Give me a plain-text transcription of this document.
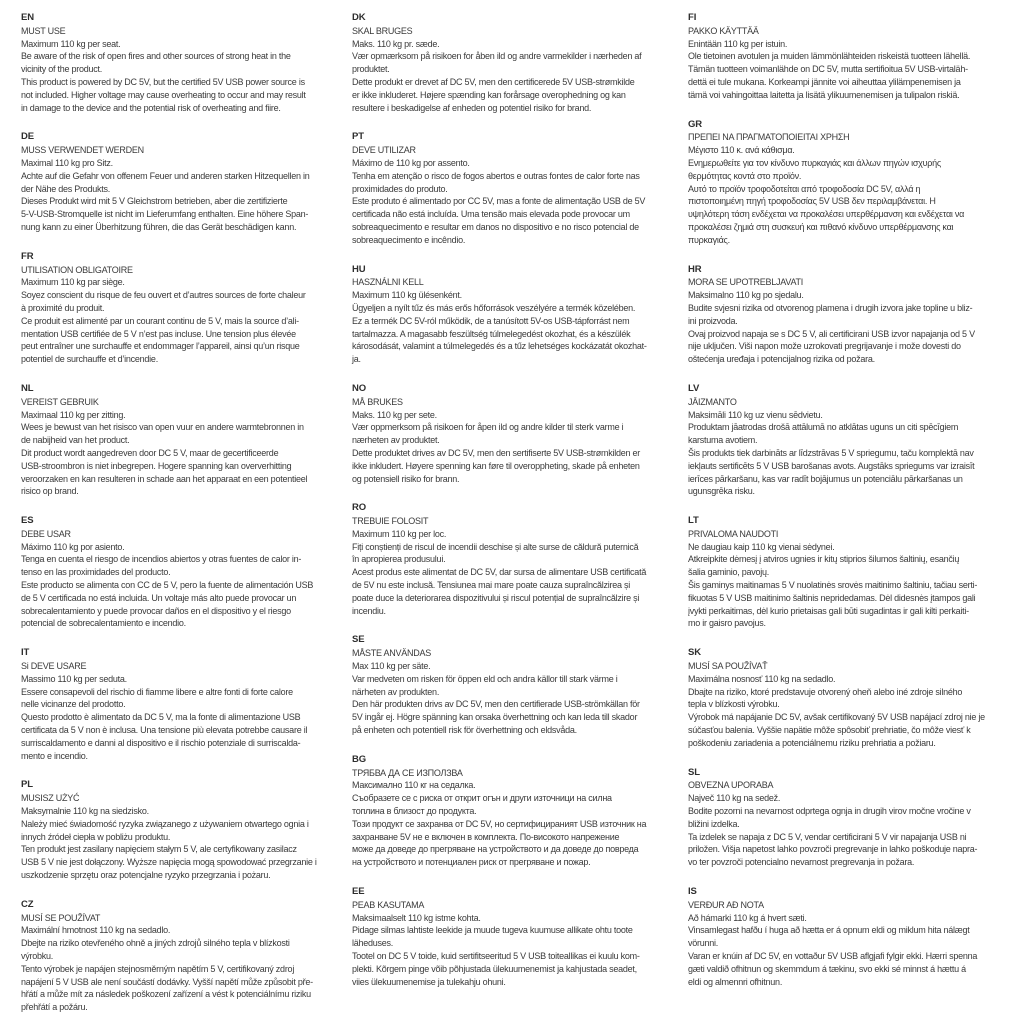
EN
MUST USE
Maximum 110 kg per seat.
Be aware of the risk of open fires and other sources of strong heat in the
vicinity of the product.
This product is powered by DC 5V, but the certified 5V USB power source is
not included. Higher voltage may cause overheating to occur and may result
in damage to the device and the potential risk of overheating and fiire.
DE
MUSS VERWENDET WERDEN
Maximal 110 kg pro Sitz.
Achte auf die Gefahr von offenem Feuer und anderen starken Hitzequellen in
der Nähe des Produkts.
Dieses Produkt wird mit 5 V Gleichstrom betrieben, aber die zertifizierte
5-V-USB-Stromquelle ist nicht im Lieferumfang enthalten. Eine höhere Span-
nung kann zu einer Überhitzung führen, die das Gerät beschädigen kann.
FR
UTILISATION OBLIGATOIRE
Maximum 110 kg par siège.
Soyez conscient du risque de feu ouvert et d’autres sources de forte chaleur
à proximité du produit.
Ce produit est alimenté par un courant continu de 5 V, mais la source d’ali-
mentation USB certifiée de 5 V n’est pas incluse. Une tension plus élevée
peut entraîner une surchauffe et endommager l’appareil, ainsi qu’un risque
potentiel de surchauffe et d’incendie.
NL
VEREIST GEBRUIK
Maximaal 110 kg per zitting.
Wees je bewust van het risisco van open vuur en andere warmtebronnen in
de nabijheid van het product.
Dit product wordt aangedreven door DC 5 V, maar de gecertificeerde
USB-stroombron is niet inbegrepen. Hogere spanning kan oververhitting
veroorzaken en kan resulteren in schade aan het apparaat en een potentieel
risico op brand.
ES
DEBE USAR
Máximo 110 kg por asiento.
Tenga en cuenta el riesgo de incendios abiertos y otras fuentes de calor in-
tenso en las proximidades del producto.
Este producto se alimenta con CC de 5 V, pero la fuente de alimentación USB
de 5 V certificada no está incluida. Un voltaje más alto puede provocar un
sobrecalentamiento y puede provocar daños en el dispositivo y el riesgo
potencial de sobrecalentamiento e incendio.
IT
Si DEVE USARE
Massimo 110 kg per seduta.
Essere consapevoli del rischio di fiamme libere e altre fonti di forte calore
nelle vicinanze del prodotto.
Questo prodotto è alimentato da DC 5 V, ma la fonte di alimentazione USB
certificata da 5 V non è inclusa. Una tensione più elevata potrebbe causare il
surriscaldamento e danni al dispositivo e il rischio potenziale di surriscalda-
mento e incendio.
PL
MUSISZ UŻYĆ
Maksymalnie 110 kg na siedzisko.
Należy mieć świadomość ryzyka związanego z używaniem otwartego ognia i
innych źródeł ciepła w pobliżu produktu.
Ten produkt jest zasilany napięciem stałym 5 V, ale certyfikowany zasilacz
USB 5 V nie jest dołączony. Wyższe napięcia mogą spowodować przegrzanie i
uszkodzenie sprzętu oraz potencjalne ryzyko przegrzania i pożaru.
CZ
MUSÍ SE POUŽÍVAT
Maximální hmotnost 110 kg na sedadlo.
Dbejte na riziko otevřeného ohně a jiných zdrojů silného tepla v blízkosti
výrobku.
Tento výrobek je napájen stejnosměrným napětím 5 V, certifikovaný zdroj
napájení 5 V USB ale není součástí dodávky. Vyšší napětí může způsobit pře-
hřátí a může mít za následek poškození zařízení a vést k potenciálnímu riziku
přehřátí a požáru.
DK
SKAL BRUGES
Maks. 110 kg pr. sæde.
Vær opmærksom på risikoen for åben ild og andre varmekilder i nærheden af
produktet.
Dette produkt er drevet af DC 5V, men den certificerede 5V USB-strømkilde
er ikke inkluderet. Højere spænding kan forårsage overophedning og kan
resultere i beskadigelse af enheden og potentiel risiko for brand.
PT
DEVE UTILIZAR
Máximo de 110 kg por assento.
Tenha em atenção o risco de fogos abertos e outras fontes de calor forte nas
proximidades do produto.
Este produto é alimentado por CC 5V, mas a fonte de alimentação USB de 5V
certificada não está incluída. Uma tensão mais elevada pode provocar um
sobreaquecimento e resultar em danos no dispositivo e no risco potencial de
sobreaquecimento e incêndio.
HU
HASZNÁLNI KELL
Maximum 110 kg ülésenként.
Ügyeljen a nyílt tűz és más erős hőforrások veszélyére a termék közelében.
Ez a termék DC 5V-ról működik, de a tanúsított 5V-os USB-tápforrást nem
tartalmazza. A magasabb feszültség túlmelegedést okozhat, és a készülék
károsodását, valamint a túlmelegedés és a tűz lehetséges kockázatát okozhat-
ja.
NO
MÅ BRUKES
Maks. 110 kg per sete.
Vær oppmerksom på risikoen for åpen ild og andre kilder til sterk varme i
nærheten av produktet.
Dette produktet drives av DC 5V, men den sertifiserte 5V USB-strømkilden er
ikke inkludert. Høyere spenning kan føre til overoppheting, skade på enheten
og potensiell risiko for brann.
RO
TREBUIE FOLOSIT
Maximum 110 kg per loc.
Fiți conștienți de riscul de incendii deschise și alte surse de căldură puternică
în apropierea produsului.
Acest produs este alimentat de DC 5V, dar sursa de alimentare USB certificată
de 5V nu este inclusă. Tensiunea mai mare poate cauza supraîncălzirea și
poate duce la deteriorarea dispozitivului și riscul potențial de supraîncălzire și
incendiu.
SE
MÅSTE ANVÄNDAS
Max 110 kg per säte.
Var medveten om risken för öppen eld och andra källor till stark värme i
närheten av produkten.
Den här produkten drivs av DC 5V, men den certifierade USB-strömkällan för
5V ingår ej. Högre spänning kan orsaka överhettning och kan leda till skador
på enheten och potentiell risk för överhettning och eldsvåda.
BG
ТРЯБВА ДА СЕ ИЗПОЛЗВА
Максимално 110 кг на седалка.
Съобразете се с риска от открит огън и други източници на силна
топлина в близост до продукта.
Този продукт се захранва от DC 5V, но сертифицираният USB източник на
захранване 5V не е включен в комплекта. По-високото напрежение
може да доведе до прегряване на устройството и да доведе до повреда
на устройството и потенциален риск от прегряване и пожар.
EE
PEAB KASUTAMA
Maksimaalselt 110 kg istme kohta.
Pidage silmas lahtiste leekide ja muude tugeva kuumuse allikate ohtu toote
läheduses.
Tootel on DC 5 V toide, kuid sertifitseeritud 5 V USB toiteallikas ei kuulu kom-
plekti. Kõrgem pinge võib põhjustada ülekuumenemist ja kahjustada seadet,
viies ülekuumenemise ja tulekahju ohuni.
FI
PAKKO KÄYTTÄÄ
Enintään 110 kg per istuin.
Ole tietoinen avotulen ja muiden lämmönlähteiden riskeistä tuotteen lähellä.
Tämän tuotteen voimanlähde on DC 5V, mutta sertifioitua 5V USB-virtaläh-
dettä ei tule mukana. Korkeampi jännite voi aiheuttaa ylilämpenemisen ja
tämä voi vahingoittaa laitetta ja lisätä ylikuumenemisen ja tulipalon riskiä.
GR
ΠΡΕΠΕΙ ΝΑ ΠΡΑΓΜΑΤΟΠΟΙΕΙΤΑΙ ΧΡΗΣΗ
Μέγιστο 110 κ. ανά κάθισμα.
Ενημερωθείτε για τον κίνδυνο πυρκαγιάς και άλλων πηγών ισχυρής
θερμότητας κοντά στο προϊόν.
Αυτό το προϊόν τροφοδοτείται από τροφοδοσία DC 5V, αλλά η
πιστοποιημένη πηγή τροφοδοσίας 5V USB δεν περιλαμβάνεται. Η
υψηλότερη τάση ενδέχεται να προκαλέσει υπερθέρμανση και ενδέχεται να
προκαλέσει ζημιά στη συσκευή και πιθανό κίνδυνο υπερθέρμανσης και
πυρκαγιάς.
HR
MORA SE UPOTREBLJAVATI
Maksimalno 110 kg po sjedalu.
Budite svjesni rizika od otvorenog plamena i drugih izvora jake topline u bliz-
ini proizvoda.
Ovaj proizvod napaja se s DC 5 V, ali certificirani USB izvor napajanja od 5 V
nije uključen. Viši napon može uzrokovati pregrijavanje i može dovesti do
oštećenja uređaja i potencijalnog rizika od požara.
LV
JĀIZMANTO
Maksimāli 110 kg uz vienu sēdvietu.
Produktam jāatrodas drošā attālumā no atklātas uguns un citi spēcīgiem
karstuma avotiem.
Šis produkts tiek darbināts ar līdzstrāvas 5 V spriegumu, taču komplektā nav
iekļauts sertificēts 5 V USB barošanas avots. Augstāks spriegums var izraisīt
ierīces pārkaršanu, kas var radīt bojājumus un potenciālu pārkaršanas un
ugunsgrēka risku.
LT
PRIVALOMA NAUDOTI
Ne daugiau kaip 110 kg vienai sėdynei.
Atkreipkite dėmesį į atviros ugnies ir kitų stiprios šilumos šaltinių, esančių
šalia gaminio, pavojų.
Šis gaminys maitinamas 5 V nuolatinės srovės maitinimo šaltiniu, tačiau serti-
fikuotas 5 V USB maitinimo šaltinis nepridedamas. Dėl didesnės įtampos gali
įvykti perkaitimas, dėl kurio prietaisas gali būti sugadintas ir gali kilti perkaiti-
mo ir gaisro pavojus.
SK
MUSÍ SA POUŽÍVAŤ
Maximálna nosnosť 110 kg na sedadlo.
Dbajte na riziko, ktoré predstavuje otvorený oheň alebo iné zdroje silného
tepla v blízkosti výrobku.
Výrobok má napájanie DC 5V, avšak certifikovaný 5V USB napájací zdroj nie je
súčasťou balenia. Vyššie napätie môže spôsobiť prehriatie, čo môže viesť k
poškodeniu zariadenia a potenciálnemu riziku prehriatia a požiaru.
SL
OBVEZNA UPORABA
Največ 110 kg na sedež.
Bodite pozorni na nevarnost odprtega ognja in drugih virov močne vročine v
bližini izdelka.
Ta izdelek se napaja z DC 5 V, vendar certificirani 5 V vir napajanja USB ni
priložen. Višja napetost lahko povzroči pregrevanje in lahko poškoduje napra-
vo ter povzroči potencialno nevarnost pregrevanja in požara.
IS
VERÐUR AÐ NOTA
Að hámarki 110 kg á hvert sæti.
Vinsamlegast hafðu í huga að hætta er á opnum eldi og miklum hita nálægt
vörunni.
Varan er knúin af DC 5V, en vottaður 5V USB aflgjafi fylgir ekki. Hærri spenna
gæti valdið ofhitnun og skemmdum á tækinu, svo ekki sé minnst á hættu á
eldi og almennri ofhitnun.
